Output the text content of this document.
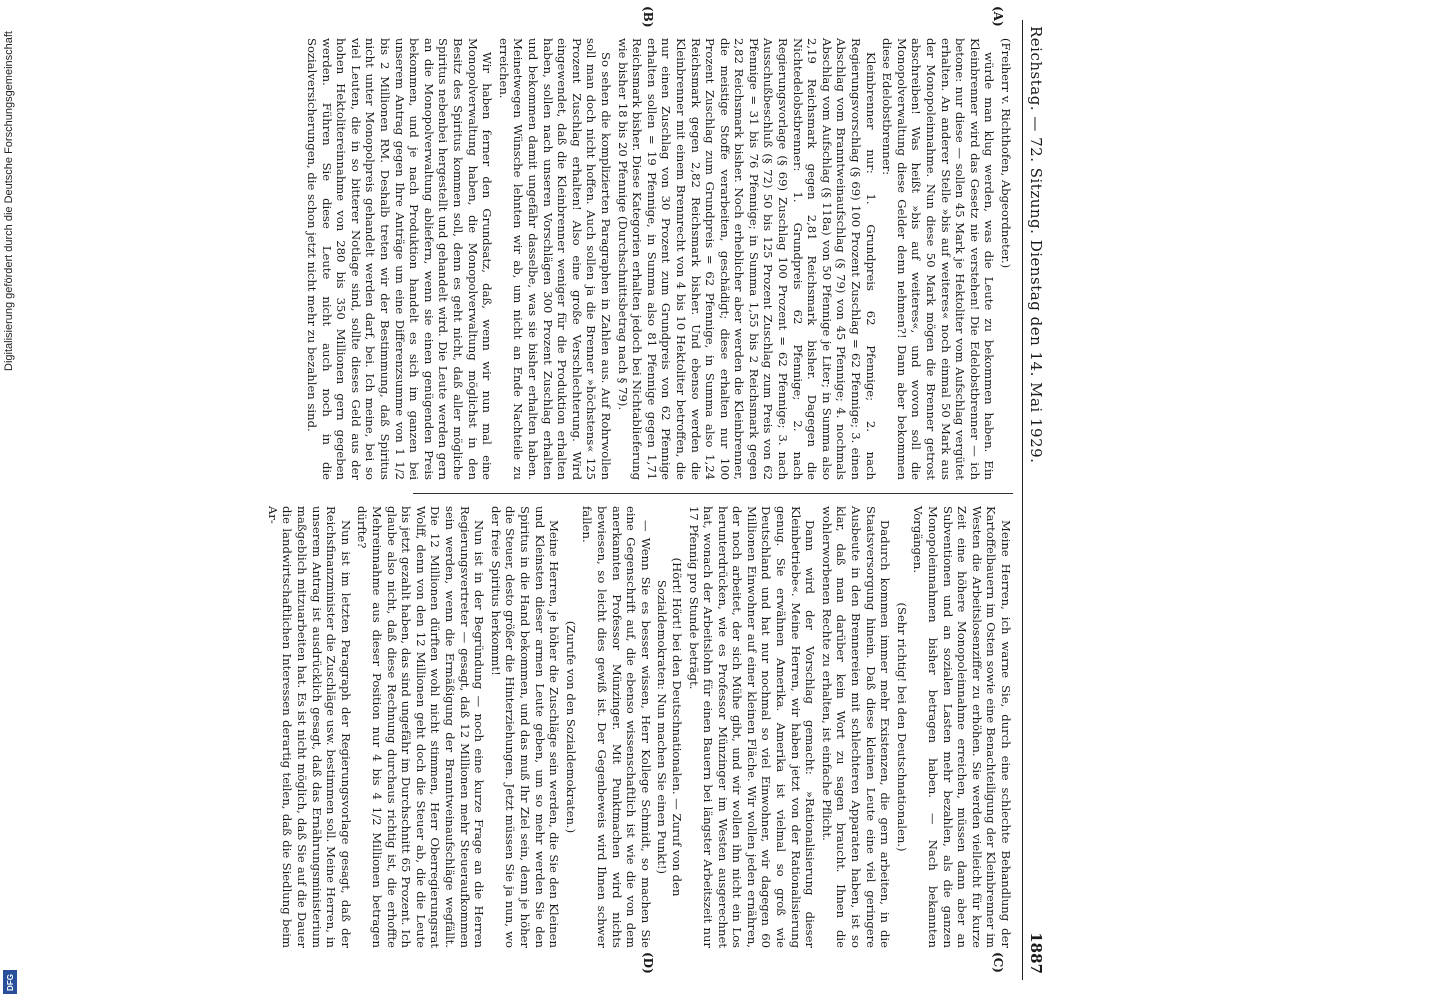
Reichstag. — 72. Sitzung. Dienstag den 14. Mai 1929.
1887
(A)
(B)
(C)
(D)

(Freiherr v. Richthofen, Abgeordneter.)

würde man klug werden, was die Leute zu bekommen haben. Ein Kleinbrenner wird das Gesetz nie verstehen! Die Edelobstbrenner — ich betone: nur diese — sollen 45 Mark je Hektoliter vom Aufschlag vergütet erhalten. An anderer Stelle »bis auf weiteres« noch einmal 50 Mark aus der Monopoleinnahme. Nun diese 50 Mark mögen die Brenner getrost abschreiben! Was heißt »bis auf weiteres«, und wovon soll die Monopolverwaltung diese Gelder denn nehmen?! Dann aber bekommen diese Edelobstbrenner:

Kleinbrenner nur: 1. Grundpreis 62 Pfennige; 2. nach Regierungsvorschlag (§ 69) 100 Prozent Zuschlag = 62 Pfennige; 3. einen Abschlag vom Branntweinaufschlag (§ 79) von 45 Pfennige; 4. nochmals Abschlag vom Aufschlag (§ 118a) von 50 Pfennige je Liter; in Summa also 2,19 Reichsmark gegen 2,81 Reichsmark bisher. Dagegen die Nichtedelobstbrenner: 1. Grundpreis 62 Pfennige; 2. nach Regierungsvorlage (§ 69) Zuschlag 100 Prozent = 62 Pfennige; 3. nach Ausschußbeschluß (§ 72) 50 bis 125 Prozent Zuschlag zum Preis von 62 Pfennige = 31 bis 76 Pfennige; in Summa 1,55 bis 2 Reichsmark gegen 2,82 Reichsmark bisher. Noch erheblicher aber werden die Kleinbrenner, die meistige Stoffe verarbeiten, geschädigt; diese erhalten nur 100 Prozent Zuschlag zum Grundpreis = 62 Pfennige, in Summa also 1,24 Reichsmark gegen 2,82 Reichsmark bisher. Und ebenso werden die Kleinbrenner mit einem Brennrecht von 4 bis 10 Hektoliter betroffen, die nur einen Zuschlag von 30 Prozent zum Grundpreis von 62 Pfennige erhalten sollen = 19 Pfennige, in Summa also 81 Pfennige gegen 1,71 Reichsmark bisher. Diese Kategorien erhalten jedoch bei Nichtablieferung wie bisher 18 bis 20 Pfennige (Durchschnittsbetrag nach § 79).

So sehen die komplizierten Paragraphen in Zahlen aus. Auf Rohrwollen soll man doch nicht hoffen. Auch sollen ja die Brenner »höchstens« 125 Prozent Zuschlag erhalten! Also eine große Verschlechterung. Wird eingewendet, daß die Kleinbrenner weniger für die Produktion erhalten haben, sollen nach unseren Vorschlägen 300 Prozent Zuschlag erhalten und bekommen damit ungefähr dasselbe, was sie bisher erhalten haben. Meinetwegen Wünsche lehnten wir ab, um nicht an Ende Nachteile zu erreichen.

Wir haben ferner den Grundsatz, daß, wenn wir nun mal eine Monopolverwaltung haben, die Monopolverwaltung möglichst in den Besitz des Spiritus kommen soll, denn es geht nicht, daß aller mögliche Spiritus nebenbei hergestellt und gehandelt wird. Die Leute werden gern an die Monopolverwaltung abliefern, wenn sie einen genügenden Preis bekommen, und je nach Produktion handelt es sich im ganzen bei unserem Antrag gegen Ihre Anträge um eine Differenzsumme von 1 1/2 bis 2 Millionen RM. Deshalb treten wir der Bestimmung, daß Spiritus nicht unter Monopolpreis gehandelt werden darf, bei. Ich meine, bei so viel Leuten, die in so bitterer Notlage sind, sollte dieses Geld aus der hohen Hektolitereinnahme von 280 bis 350 Millionen gern gegeben werden. Führen Sie diese Leute nicht auch noch in die Sozialversicherungen, die schon jetzt nicht mehr zu bezahlen sind.

Meine Herren, ich warne Sie, durch eine schlechte Behandlung der Kartoffelbauern im Osten sowie eine Benachteiligung der Kleinbrenner im Westen die Arbeitslosenziffer zu erhöhen. Sie werden vielleicht für kurze Zeit eine höhere Monopoleinnahme erreichen, müssen dann aber an Subventionen und an sozialen Lasten mehr bezahlen, als die ganzen Monopoleinnahmen bisher betragen haben. — Nach bekannten Vorgängen.

(Sehr richtig! bei den Deutschnationalen.)

Dadurch kommen immer mehr Existenzen, die gern arbeiten, in die Staatsversorgung hinein. Daß diese kleinen Leute eine viel geringere Ausbeute in den Brennereien mit schlechteren Apparaten haben, ist so klar, daß man darüber kein Wort zu sagen braucht. Ihnen die wohlerworbenen Rechte zu erhalten, ist einfache Pflicht.

Dann wird der Vorschlag gemacht: »Rationalisierung dieser Kleinbetriebe«. Meine Herren, wir haben jetzt von der Rationalisierung genug. Sie erwähnen Amerika. Amerika ist vielmal so groß wie Deutschland und hat nur nochmal so viel Einwohner, wir dagegen 60 Millionen Einwohner auf einer kleinen Fläche. Wir wollen jeden ernähren, der noch arbeitet, der sich Mühe gibt, und wir wollen ihn nicht ein Los herunterdrücken, wie es Professor Münzinger im Westen ausgerechnet hat, wonach der Arbeitslohn für einen Bauern bei längster Arbeitszeit nur 17 Pfennig pro Stunde beträgt.

(Hört! Hört! bei den Deutschnationalen. — Zuruf von den Sozialdemokraten: Nun machen Sie einen Punkt!)

— Wenn Sie es besser wissen, Herr Kollege Schmidt, so machen Sie eine Gegenschrift auf, die ebenso wissenschaftlich ist wie die von dem anerkannten Professor Münzinger. Mit Punktmachen wird nichts bewiesen, so leicht dies gewiß ist. Der Gegenbeweis wird Ihnen schwer fallen.

(Zurufe von den Sozialdemokraten.)

Meine Herren, je höher die Zuschläge sein werden, die Sie den Kleinen und Kleinsten dieser armen Leute geben, um so mehr werden Sie den Spiritus in die Hand bekommen, und das muß Ihr Ziel sein, denn je höher die Steuer, desto größer die Hinterziehungen. Jetzt müssen Sie ja nun, wo der freie Spiritus herkommt!

Nun ist in der Begründung — noch eine kurze Frage an die Herren Regierungsvertreter — gesagt, daß 12 Millionen mehr Steueraufkommen sein werden, wenn die Ermäßigung der Branntweinaufschläge wegfällt. Die 12 Millionen dürften wohl nicht stimmen, Herr Oberregierungsrat Wolff, denn von den 12 Millionen geht doch die Steuer ab, die die Leute bis jetzt gezahlt haben, das sind ungefähr im Durchschnitt 65 Prozent. Ich glaube also nicht, daß diese Rechnung durchaus richtig ist, die erhoffte Mehreinnahme aus dieser Position nur 4 bis 4 1/2 Millionen betragen dürfte?

Nun ist im letzten Paragraph der Regierungsvorlage gesagt, daß der Reichsfinanzminister die Zuschläge usw. bestimmen soll. Meine Herren, in unserem Antrag ist ausdrücklich gesagt, daß das Ernährungsministerium maßgeblich mitzuarbeiten hat. Es ist nicht möglich, daß Sie auf die Dauer die landwirtschaftlichen Interessen derartig teilen, daß die Siedlung beim Ar-

Digitalisierung gefördert durch die Deutsche Forschungsgemeinschaft
DFG
